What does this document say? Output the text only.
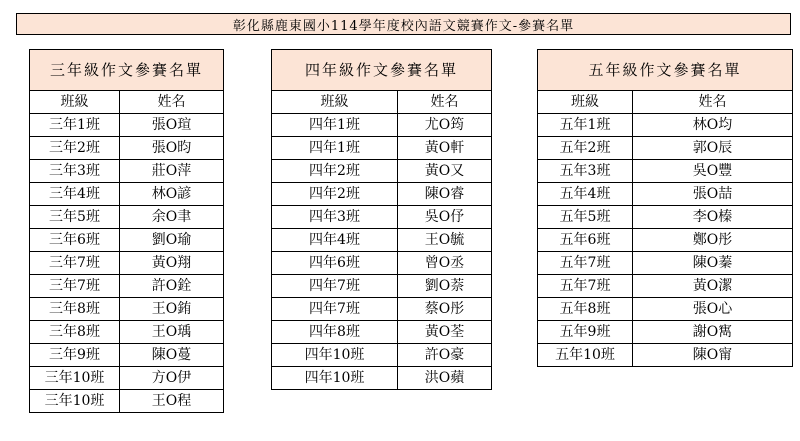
彰化縣鹿東國小114學年度校內語文競賽作文-參賽名單
三年級作文參賽名單	
班級	姓名
三年1班	張O瑄
三年2班	張O昀
三年3班	莊O萍
三年4班	林O諺
三年5班	余O聿
三年6班	劉O瑜
三年7班	黃O翔
三年7班	許O銓
三年8班	王O銪
三年8班	王O瑀
三年9班	陳O蔓
三年10班	方O伊
三年10班	王O程
四年級作文參賽名單	
班級	姓名
四年1班	尤O筠
四年1班	黃O軒
四年2班	黃O又
四年2班	陳O睿
四年3班	吳O伃
四年4班	王O毓
四年6班	曾O丞
四年7班	劉O萘
四年7班	蔡O彤
四年8班	黃O荃
四年10班	許O豪
四年10班	洪O蘋
五年級作文參賽名單	
班級	姓名
五年1班	林O均
五年2班	郭O辰
五年3班	吳O豐
五年4班	張O喆
五年5班	李O榛
五年6班	鄭O彤
五年7班	陳O蓁
五年7班	黃O潔
五年8班	張O心
五年9班	謝O寯
五年10班	陳O甯
